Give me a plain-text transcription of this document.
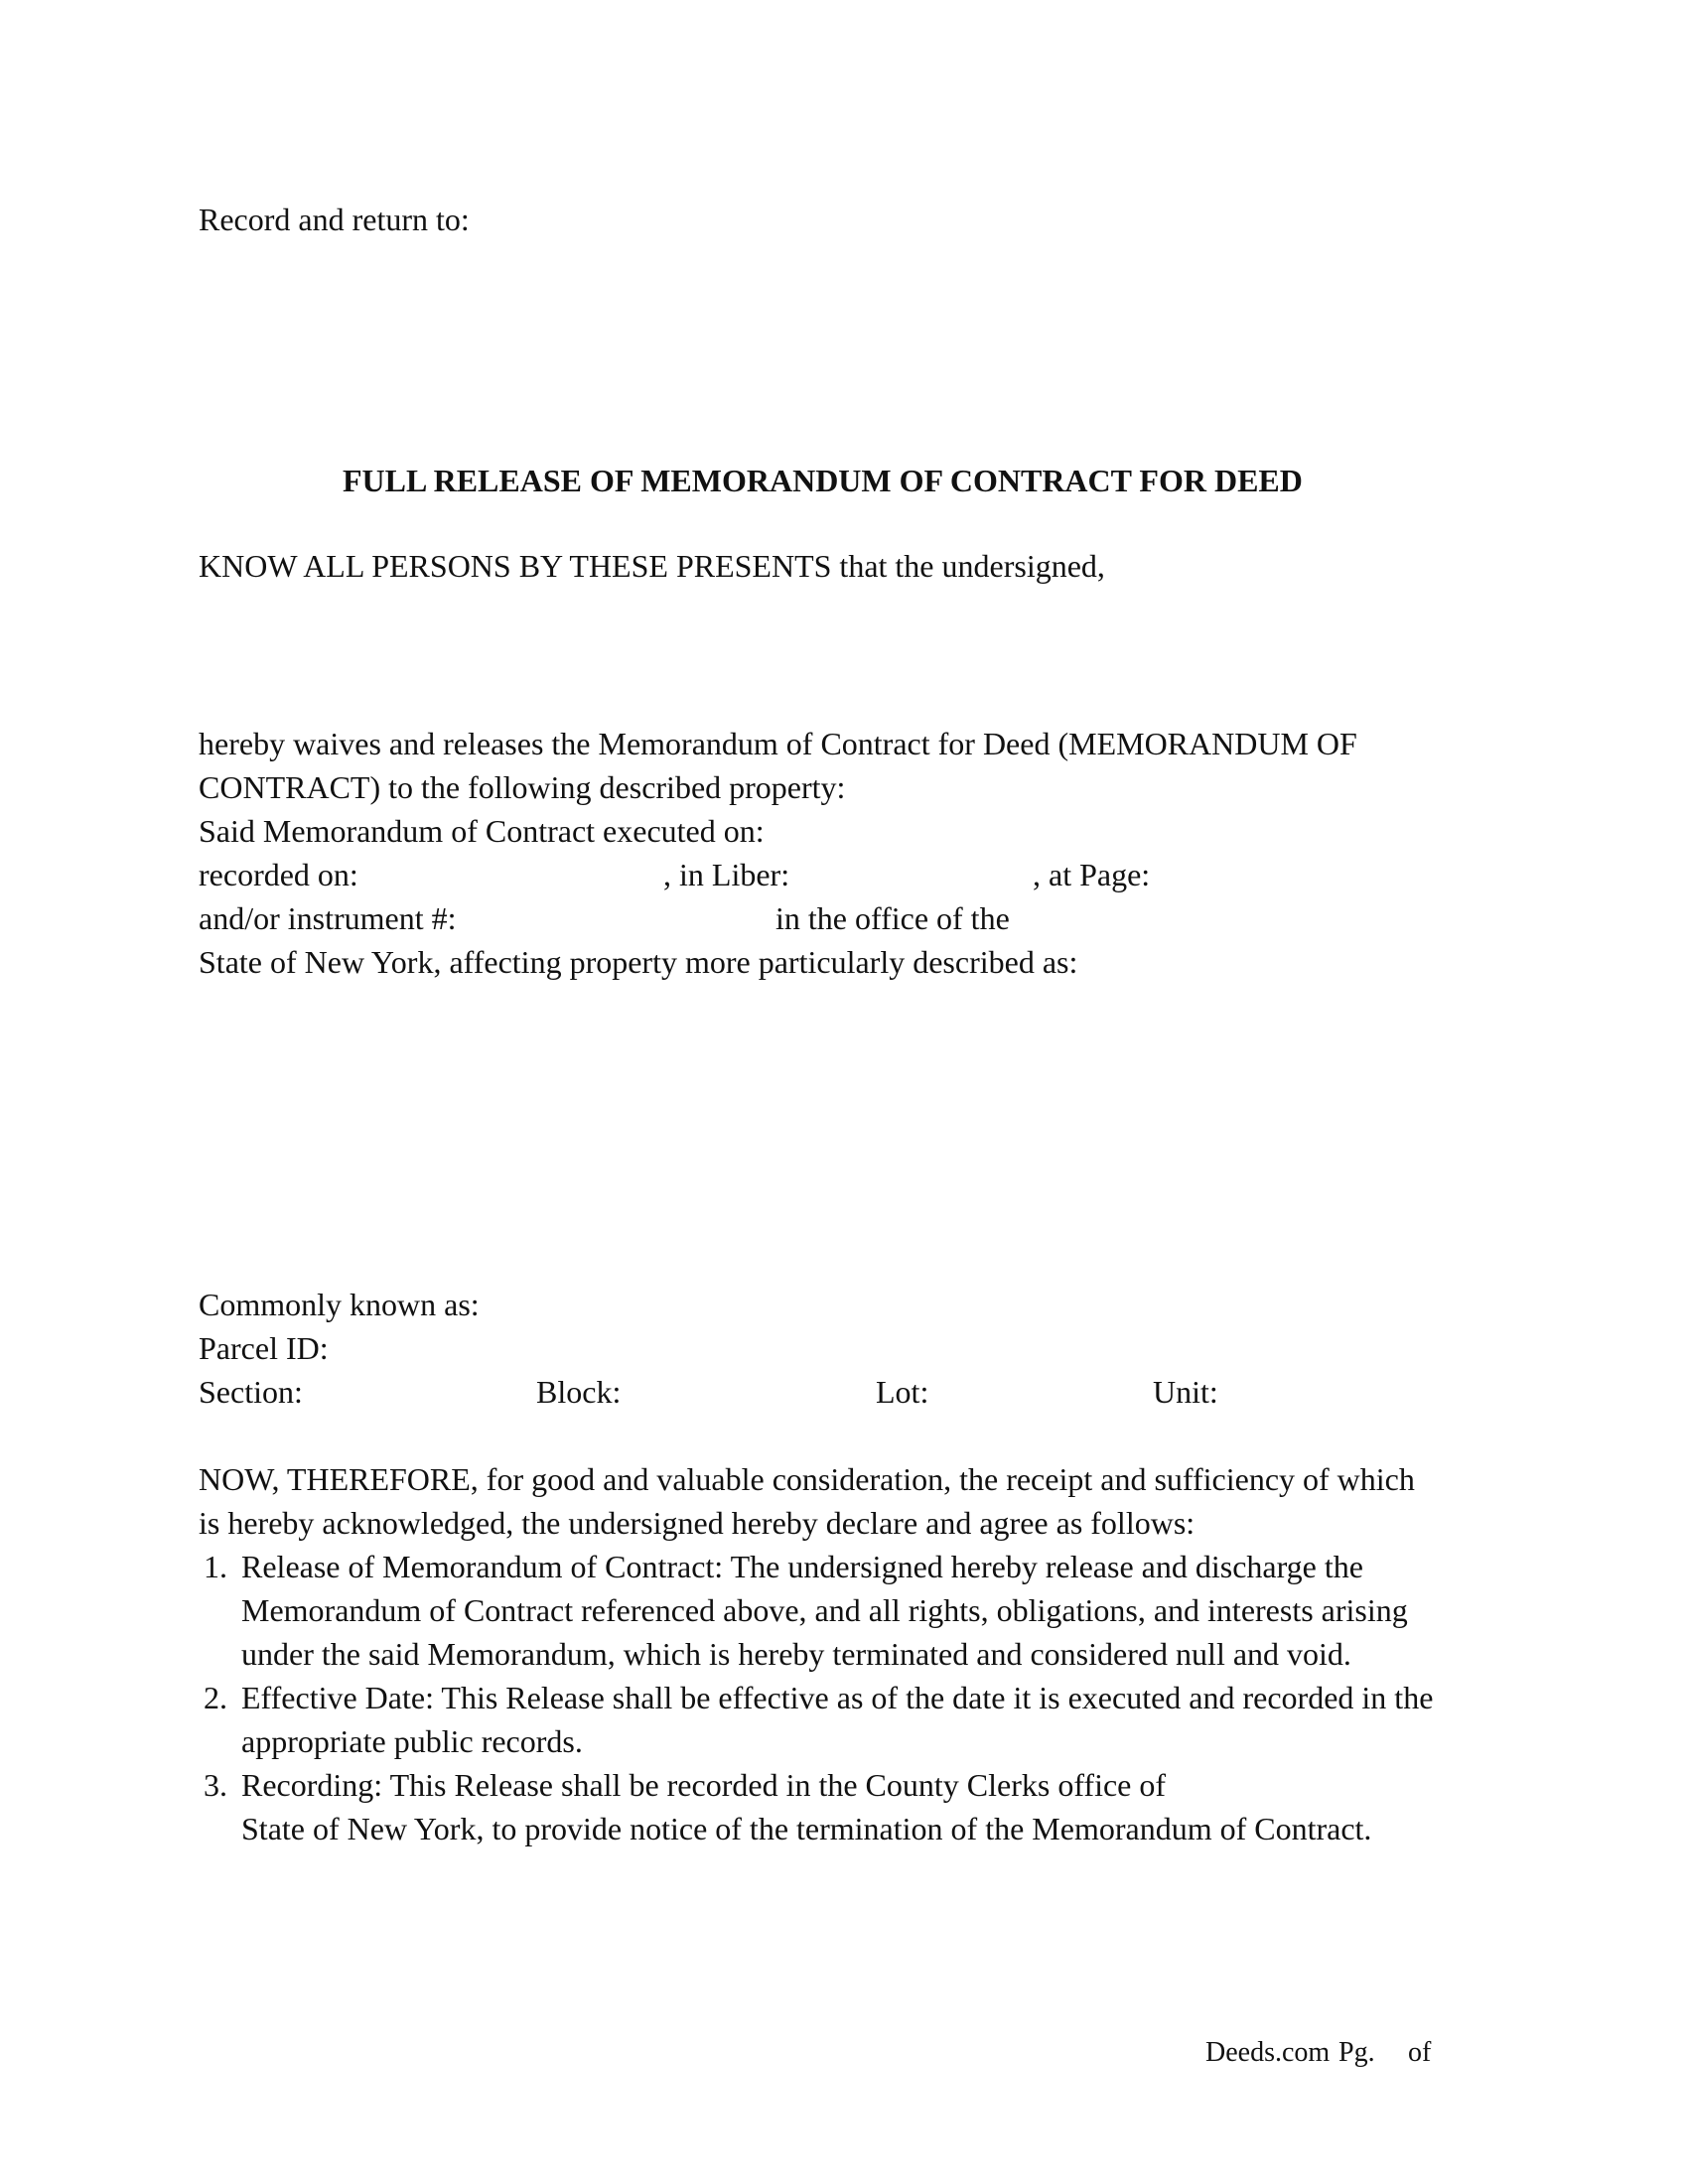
Record and return to:

FULL RELEASE OF MEMORANDUM OF CONTRACT FOR DEED

KNOW ALL PERSONS BY THESE PRESENTS that the undersigned,

hereby waives and releases the Memorandum of Contract for Deed (MEMORANDUM OF

CONTRACT) to the following described property:

Said Memorandum of Contract executed on:

recorded on:	, in Liber:	, at Page:

and/or instrument #:	in the office of the

State of New York, affecting property more particularly described as:

Commonly known as:

Parcel ID:

Section:	Block:	Lot:	Unit:

NOW, THEREFORE, for good and valuable consideration, the receipt and sufficiency of which

is hereby acknowledged, the undersigned hereby declare and agree as follows:

1. Release of Memorandum of Contract: The undersigned hereby release and discharge the

Memorandum of Contract referenced above, and all rights, obligations, and interests arising

under the said Memorandum, which is hereby terminated and considered null and void.

2. Effective Date: This Release shall be effective as of the date it is executed and recorded in the

appropriate public records.

3. Recording: This Release shall be recorded in the County Clerks office of

State of New York, to provide notice of the termination of the Memorandum of Contract.

Deeds.com Pg. of
